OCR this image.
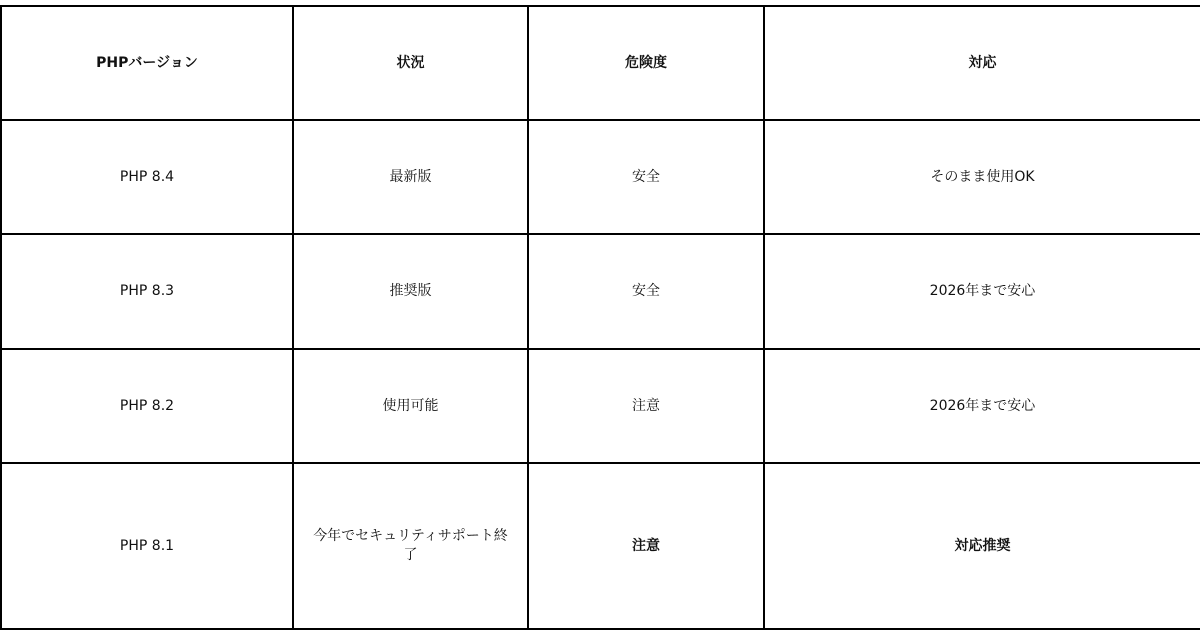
PHPバージョン	状況	危険度	対応
PHP 8.4	最新版	安全	そのまま使用OK
PHP 8.3	推奨版	安全	2026年まで安心
PHP 8.2	使用可能	注意	2026年まで安心
PHP 8.1	今年でセキュリティサポート終了	注意	対応推奨
